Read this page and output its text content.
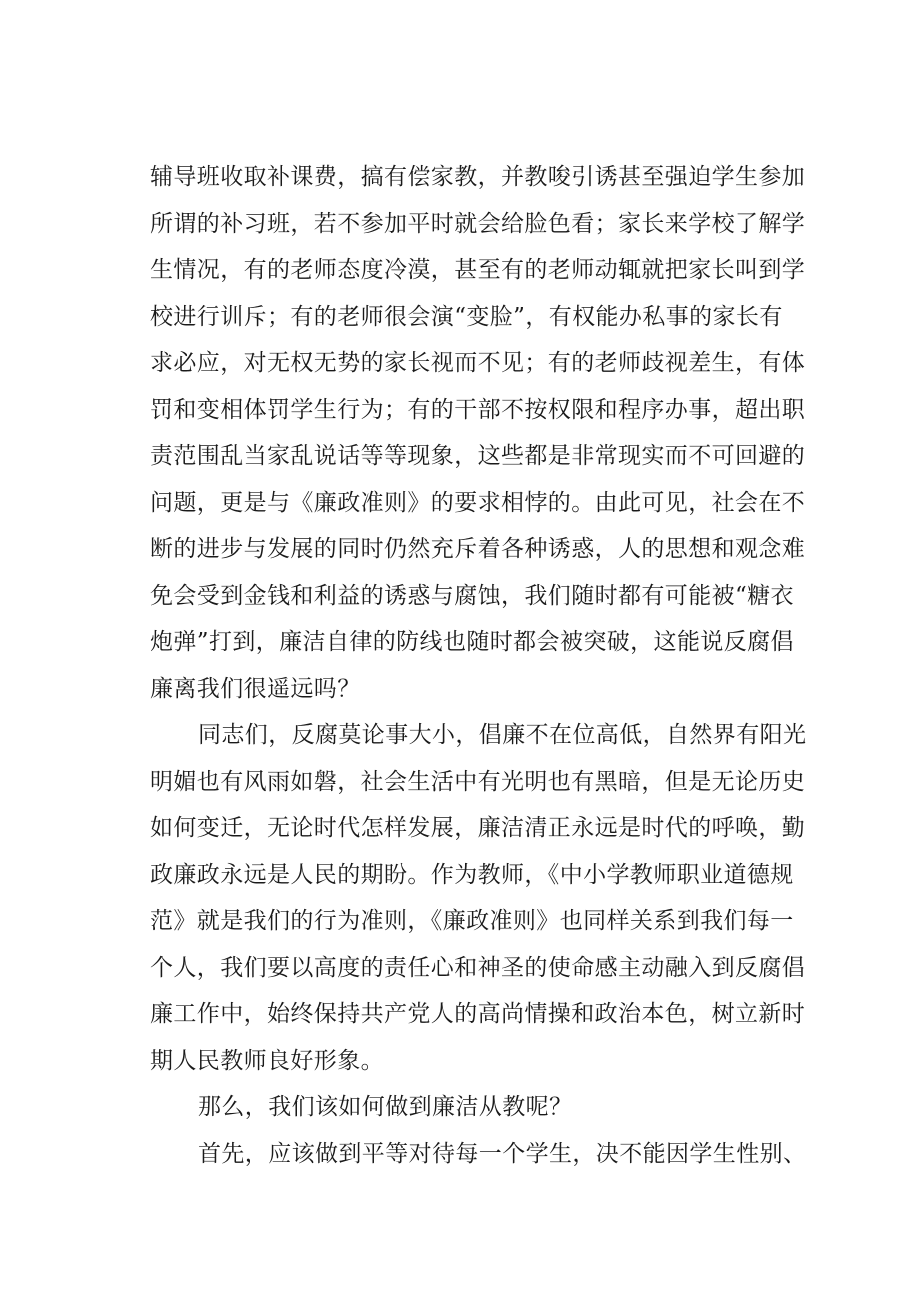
辅导班收取补课费，搞有偿家教，并教唆引诱甚至强迫学生参加
所谓的补习班，若不参加平时就会给脸色看；家长来学校了解学
生情况，有的老师态度冷漠，甚至有的老师动辄就把家长叫到学
校进行训斥；有的老师很会演“变脸”，有权能办私事的家长有
求必应，对无权无势的家长视而不见；有的老师歧视差生，有体
罚和变相体罚学生行为；有的干部不按权限和程序办事，超出职
责范围乱当家乱说话等等现象，这些都是非常现实而不可回避的
问题，更是与《廉政准则》的要求相悖的。由此可见，社会在不
断的进步与发展的同时仍然充斥着各种诱惑，人的思想和观念难
免会受到金钱和利益的诱惑与腐蚀，我们随时都有可能被“糖衣
炮弹”打到，廉洁自律的防线也随时都会被突破，这能说反腐倡
廉离我们很遥远吗？
同志们，反腐莫论事大小，倡廉不在位高低，自然界有阳光
明媚也有风雨如磐，社会生活中有光明也有黑暗，但是无论历史
如何变迁，无论时代怎样发展，廉洁清正永远是时代的呼唤，勤
政廉政永远是人民的期盼。作为教师，《中小学教师职业道德规
范》就是我们的行为准则，《廉政准则》也同样关系到我们每一
个人，我们要以高度的责任心和神圣的使命感主动融入到反腐倡
廉工作中，始终保持共产党人的高尚情操和政治本色，树立新时
期人民教师良好形象。
那么，我们该如何做到廉洁从教呢？
首先，应该做到平等对待每一个学生，决不能因学生性别、
